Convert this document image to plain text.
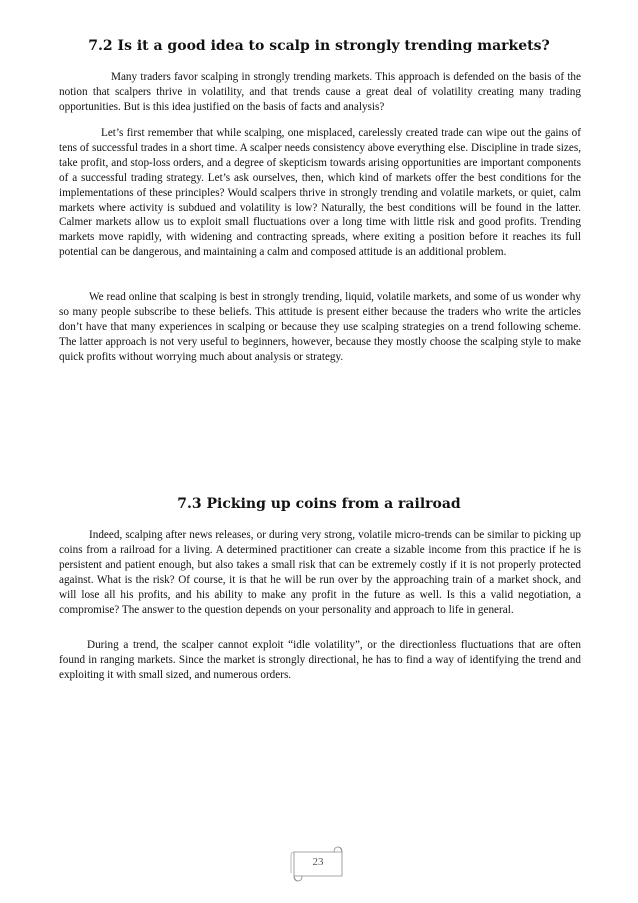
7.2 Is it a good idea to scalp in strongly trending markets?

Many traders favor scalping in strongly trending markets. This approach is defended on the basis of the notion that scalpers thrive in volatility, and that trends cause a great deal of volatility creating many trading opportunities. But is this idea justified on the basis of facts and analysis?

Let’s first remember that while scalping, one misplaced, carelessly created trade can wipe out the gains of tens of successful trades in a short time. A scalper needs consistency above everything else. Discipline in trade sizes, take profit, and stop-loss orders, and a degree of skepticism towards arising opportunities are important components of a successful trading strategy. Let’s ask ourselves, then, which kind of markets offer the best conditions for the implementations of these principles? Would scalpers thrive in strongly trending and volatile markets, or quiet, calm markets where activity is subdued and volatility is low? Naturally, the best conditions will be found in the latter. Calmer markets allow us to exploit small fluctuations over a long time with little risk and good profits. Trending markets move rapidly, with widening and contracting spreads, where exiting a position before it reaches its full potential can be dangerous, and maintaining a calm and composed attitude is an additional problem.

We read online that scalping is best in strongly trending, liquid, volatile markets, and some of us wonder why so many people subscribe to these beliefs. This attitude is present either because the traders who write the articles don’t have that many experiences in scalping or because they use scalping strategies on a trend following scheme. The latter approach is not very useful to beginners, however, because they mostly choose the scalping style to make quick profits without worrying much about analysis or strategy.

7.3 Picking up coins from a railroad

Indeed, scalping after news releases, or during very strong, volatile micro-trends can be similar to picking up coins from a railroad for a living. A determined practitioner can create a sizable income from this practice if he is persistent and patient enough, but also takes a small risk that can be extremely costly if it is not properly protected against. What is the risk? Of course, it is that he will be run over by the approaching train of a market shock, and will lose all his profits, and his ability to make any profit in the future as well. Is this a valid negotiation, a compromise? The answer to the question depends on your personality and approach to life in general.

During a trend, the scalper cannot exploit “idle volatility”, or the directionless fluctuations that are often found in ranging markets. Since the market is strongly directional, he has to find a way of identifying the trend and exploiting it with small sized, and numerous orders.

23
